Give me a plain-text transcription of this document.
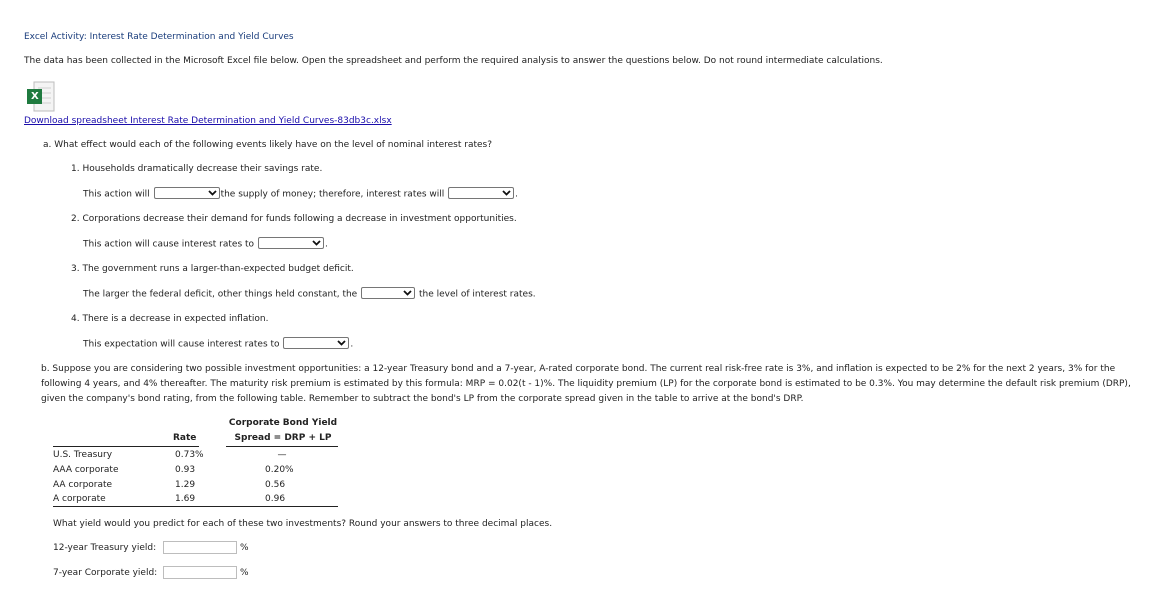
Excel Activity: Interest Rate Determination and Yield Curves
The data has been collected in the Microsoft Excel file below. Open the spreadsheet and perform the required analysis to answer the questions below. Do not round intermediate calculations.
X
Download spreadsheet Interest Rate Determination and Yield Curves-83db3c.xlsx
a. What effect would each of the following events likely have on the level of nominal interest rates?
1. Households dramatically decrease their savings rate.
This action will	the supply of money; therefore, interest rates will	.
2. Corporations decrease their demand for funds following a decrease in investment opportunities.
This action will cause interest rates to	.
3. The government runs a larger-than-expected budget deficit.
The larger the federal deficit, other things held constant, the	the level of interest rates.
4. There is a decrease in expected inflation.
This expectation will cause interest rates to	.
b. Suppose you are considering two possible investment opportunities: a 12-year Treasury bond and a 7-year, A-rated corporate bond. The current real risk-free rate is 3%, and inflation is expected to be 2% for the next 2 years, 3% for the following 4 years, and 4% thereafter. The maturity risk premium is estimated by this formula: MRP = 0.02(t - 1)%. The liquidity premium (LP) for the corporate bond is estimated to be 0.3%. You may determine the default risk premium (DRP), given the company's bond rating, from the following table. Remember to subtract the bond's LP from the corporate spread given in the table to arrive at the bond's DRP.
Corporate Bond Yield
Rate	Spread = DRP + LP
U.S. Treasury	0.73%	—
AAA corporate	0.93	0.20%
AA corporate	1.29	0.56
A corporate	1.69	0.96
What yield would you predict for each of these two investments? Round your answers to three decimal places.
12-year Treasury yield:	%
7-year Corporate yield:	%
